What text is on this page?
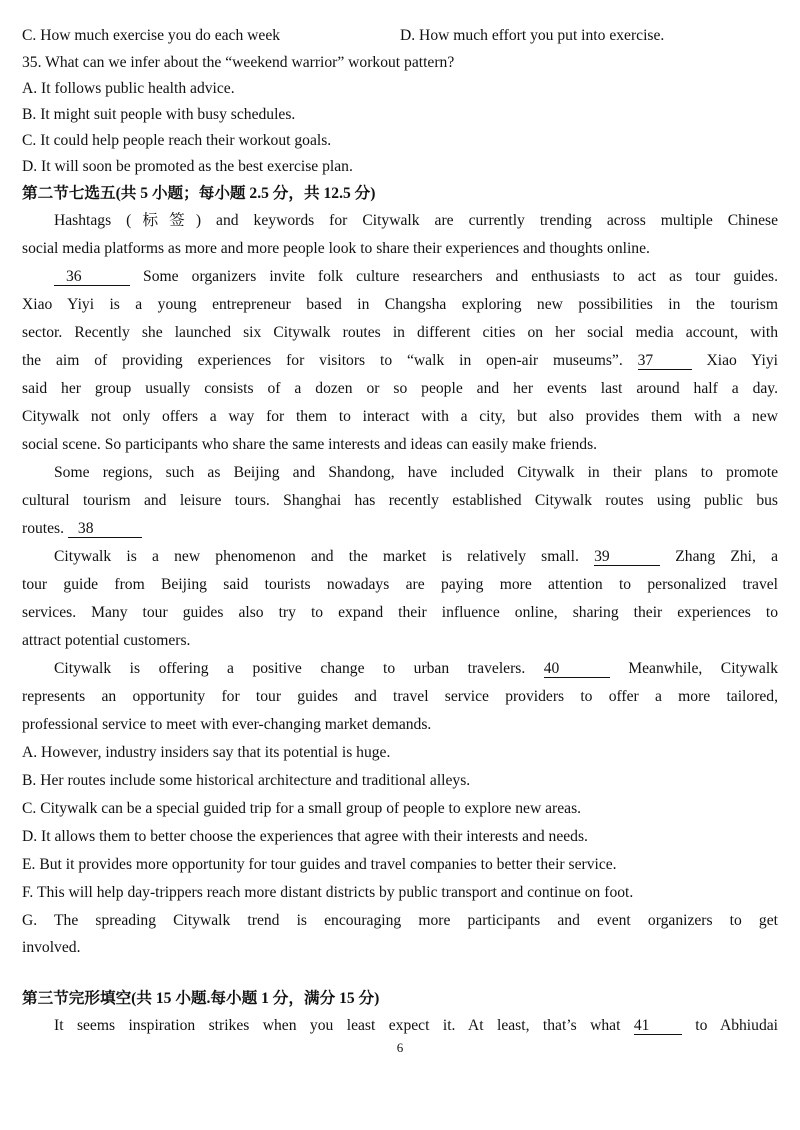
C. How much exercise you do each week	D. How much effort you put into exercise.
35. What can we infer about the “weekend warrior” workout pattern?
A. It follows public health advice.
B. It might suit people with busy schedules.
C. It could help people reach their workout goals.
D. It will soon be promoted as the best exercise plan.
第二节七选五(共 5 小题；每小题 2.5 分，共 12.5 分)
Hashtags (标签) and keywords for Citywalk are currently trending across multiple Chinese
social media platforms as more and more people look to share their experiences and thoughts online.
36	Some organizers invite folk culture researchers and enthusiasts to act as tour guides.
Xiao Yiyi is a young entrepreneur based in Changsha exploring new possibilities in the tourism
sector. Recently she launched six Citywalk routes in different cities on her social media account, with
the aim of providing experiences for visitors to “walk in open-air museums”. 37 Xiao Yiyi
said her group usually consists of a dozen or so people and her events last around half a day.
Citywalk not only offers a way for them to interact with a city, but also provides them with a new
social scene. So participants who share the same interests and ideas can easily make friends.
Some regions, such as Beijing and Shandong, have included Citywalk in their plans to promote
cultural tourism and leisure tours. Shanghai has recently established Citywalk routes using public bus
routes. 38
Citywalk is a new phenomenon and the market is relatively small. 39	Zhang Zhi, a
tour guide from Beijing said tourists nowadays are paying more attention to personalized travel
services. Many tour guides also try to expand their influence online, sharing their experiences to
attract potential customers.
Citywalk is offering a positive change to urban travelers. 40	Meanwhile, Citywalk
represents an opportunity for tour guides and travel service providers to offer a more tailored,
professional service to meet with ever-changing market demands.
A. However, industry insiders say that its potential is huge.
B. Her routes include some historical architecture and traditional alleys.
C. Citywalk can be a special guided trip for a small group of people to explore new areas.
D. It allows them to better choose the experiences that agree with their interests and needs.
E. But it provides more opportunity for tour guides and travel companies to better their service.
F. This will help day-trippers reach more distant districts by public transport and continue on foot.
G. The spreading Citywalk trend is encouraging more participants and event organizers to get
involved.
第三节完形填空(共 15 小题.每小题 1 分，满分 15 分)
It seems inspiration strikes when you least expect it. At least, that’s what 41 to Abhiudai
6
